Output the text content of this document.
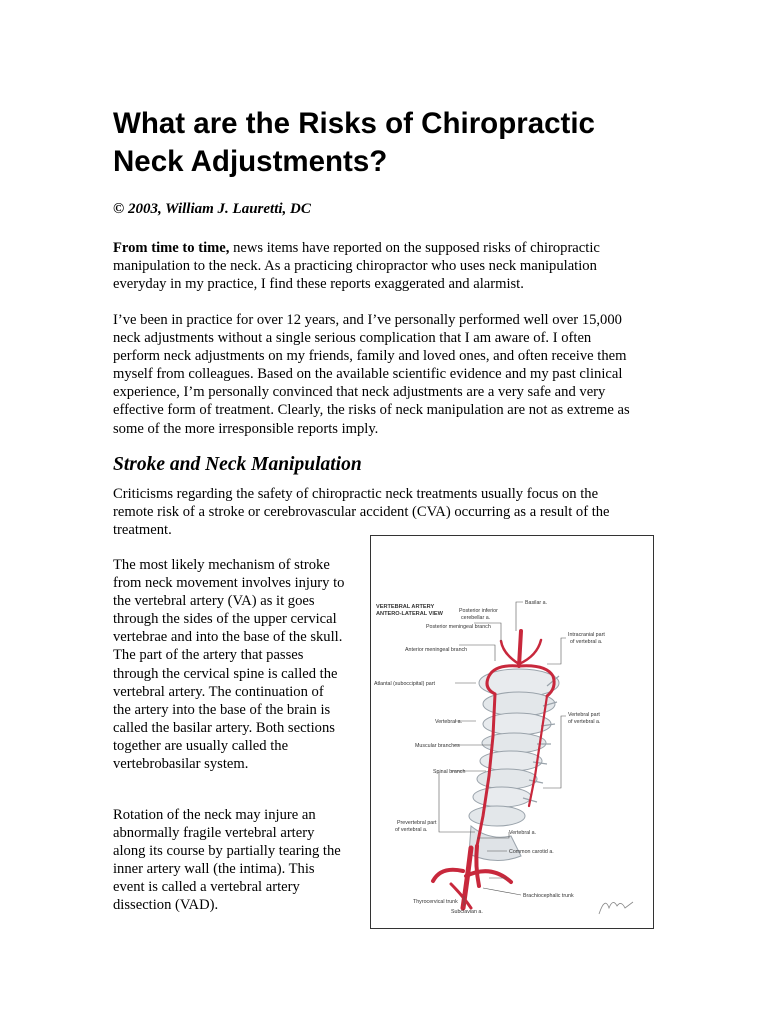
What are the Risks of Chiropractic Neck Adjustments?
© 2003, William J. Lauretti, DC

From time to time, news items have reported on the supposed risks of chiropractic manipulation to the neck. As a practicing chiropractor who uses neck manipulation everyday in my practice, I find these reports exaggerated and alarmist.

I’ve been in practice for over 12 years, and I’ve personally performed well over 15,000 neck adjustments without a single serious complication that I am aware of. I often perform neck adjustments on my friends, family and loved ones, and often receive them myself from colleagues. Based on the available scientific evidence and my past clinical experience, I’m personally convinced that neck adjustments are a very safe and very effective form of treatment. Clearly, the risks of neck manipulation are not as extreme as some of the more irresponsible reports imply.

Stroke and Neck Manipulation

Criticisms regarding the safety of chiropractic neck treatments usually focus on the remote risk of a stroke or cerebrovascular accident (CVA) occurring as a result of the treatment.

The most likely mechanism of stroke from neck movement involves injury to the vertebral artery (VA) as it goes through the sides of the upper cervical vertebrae and into the base of the skull. The part of the artery that passes through the cervical spine is called the vertebral artery. The continuation of the artery into the base of the brain is called the basilar artery. Both sections together are usually called the vertebrobasilar system.

Rotation of the neck may injure an abnormally fragile vertebral artery along its course by partially tearing the inner artery wall (the intima). This event is called a vertebral artery dissection (VAD).

VERTEBRAL ARTERY
ANTERO-LATERAL VIEW	Posterior inferior
cerebellar a.
Basilar a.
Posterior meningeal branch
Intracranial part
of vertebral a.
Anterior meningeal branch
Atlantal (suboccipital) part
Vertebral a.
Vertebral part
of vertebral a.
Muscular branches
Spinal branch
Prevertebral part
of vertebral a.	Vertebral a.
Common carotid a.
Brachiocephalic trunk
Thyrocervical trunk
Subclavian a.
